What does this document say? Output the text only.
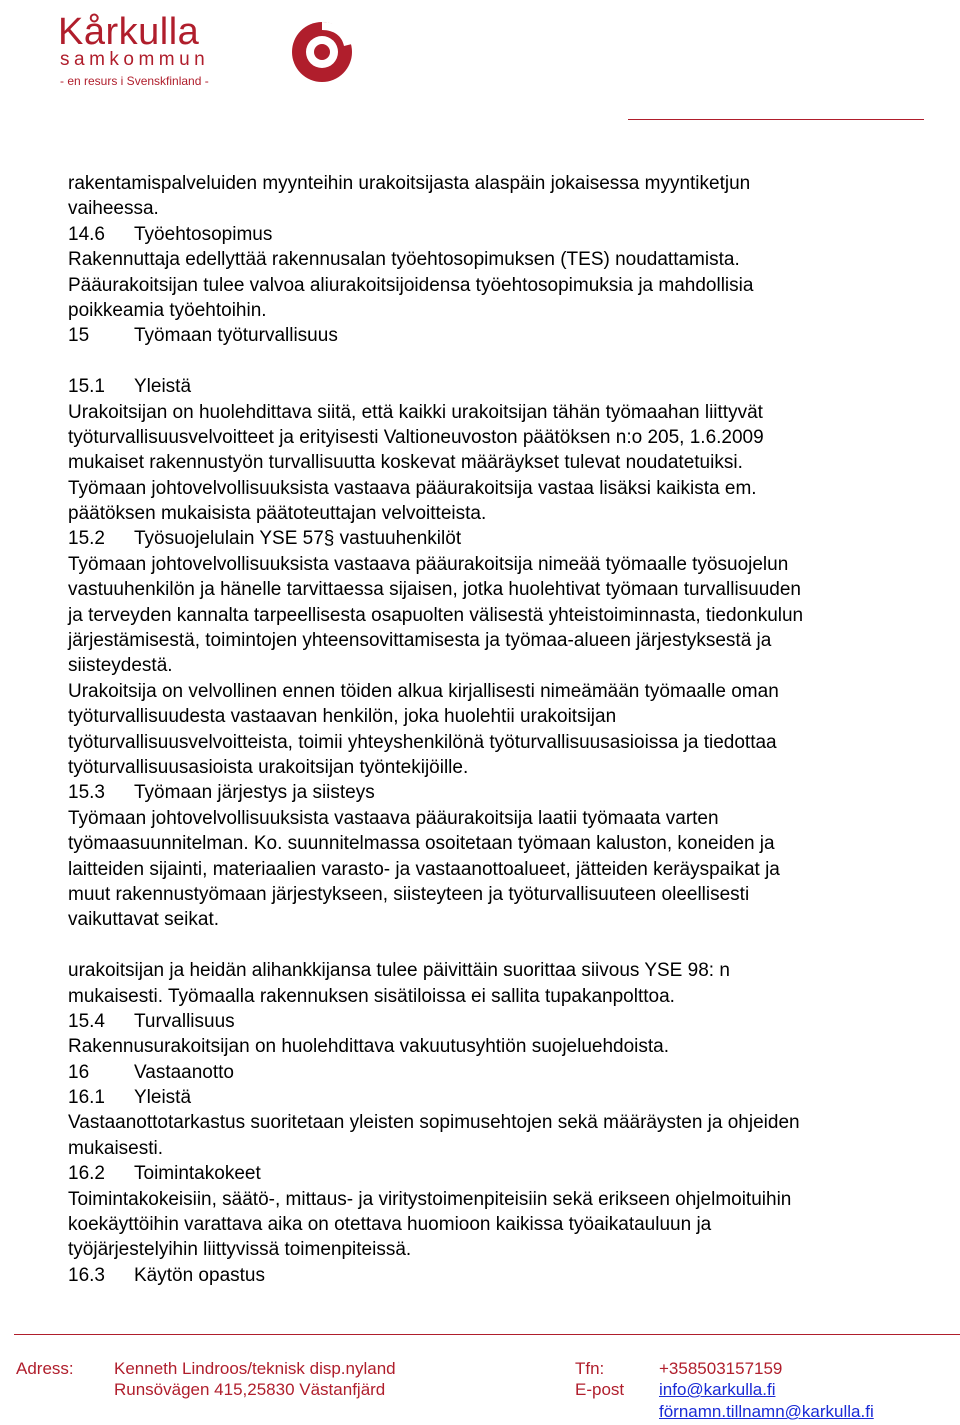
Kårkulla
samkommun
- en resurs i Svenskfinland -
rakentamispalveluiden myynteihin urakoitsijasta alaspäin jokaisessa myyntiketjun
vaiheessa.
14.6 Työehtosopimus
Rakennuttaja edellyttää rakennusalan työehtosopimuksen (TES) noudattamista.
Pääurakoitsijan tulee valvoa aliurakoitsijoidensa työehtosopimuksia ja mahdollisia
poikkeamia työehtoihin.
15 Työmaan työturvallisuus
15.1 Yleistä
Urakoitsijan on huolehdittava siitä, että kaikki urakoitsijan tähän työmaahan liittyvät
työturvallisuusvelvoitteet ja erityisesti Valtioneuvoston päätöksen n:o 205, 1.6.2009
mukaiset rakennustyön turvallisuutta koskevat määräykset tulevat noudatetuiksi.
Työmaan johtovelvollisuuksista vastaava pääurakoitsija vastaa lisäksi kaikista em.
päätöksen mukaisista päätoteuttajan velvoitteista.
15.2 Työsuojelulain YSE 57§ vastuuhenkilöt
Työmaan johtovelvollisuuksista vastaava pääurakoitsija nimeää työmaalle työsuojelun
vastuuhenkilön ja hänelle tarvittaessa sijaisen, jotka huolehtivat työmaan turvallisuuden
ja terveyden kannalta tarpeellisesta osapuolten välisestä yhteistoiminnasta, tiedonkulun
järjestämisestä, toimintojen yhteensovittamisesta ja työmaa-alueen järjestyksestä ja
siisteydestä.
Urakoitsija on velvollinen ennen töiden alkua kirjallisesti nimeämään työmaalle oman
työturvallisuudesta vastaavan henkilön, joka huolehtii urakoitsijan
työturvallisuusvelvoitteista, toimii yhteyshenkilönä työturvallisuusasioissa ja tiedottaa
työturvallisuusasioista urakoitsijan työntekijöille.
15.3 Työmaan järjestys ja siisteys
Työmaan johtovelvollisuuksista vastaava pääurakoitsija laatii työmaata varten
työmaasuunnitelman. Ko. suunnitelmassa osoitetaan työmaan kaluston, koneiden ja
laitteiden sijainti, materiaalien varasto- ja vastaanottoalueet, jätteiden keräyspaikat ja
muut rakennustyömaan järjestykseen, siisteyteen ja työturvallisuuteen oleellisesti
vaikuttavat seikat.
urakoitsijan ja heidän alihankkijansa tulee päivittäin suorittaa siivous YSE 98: n
mukaisesti. Työmaalla rakennuksen sisätiloissa ei sallita tupakanpolttoa.
15.4 Turvallisuus
Rakennusurakoitsijan on huolehdittava vakuutusyhtiön suojeluehdoista.
16 Vastaanotto
16.1 Yleistä
Vastaanottotarkastus suoritetaan yleisten sopimusehtojen sekä määräysten ja ohjeiden
mukaisesti.
16.2 Toimintakokeet
Toimintakokeisiin, säätö-, mittaus- ja viritystoimenpiteisiin sekä erikseen ohjelmoituihin
koekäyttöihin varattava aika on otettava huomioon kaikissa työaikatauluun ja
työjärjestelyihin liittyvissä toimenpiteissä.
16.3 Käytön opastus
Adress: Kenneth Lindroos/teknisk disp.nyland
Runsövägen 415,25830 Västanfjärd
Tfn:	+358503157159
E-post info@karkulla.fi
förnamn.tillnamn@karkulla.fi
